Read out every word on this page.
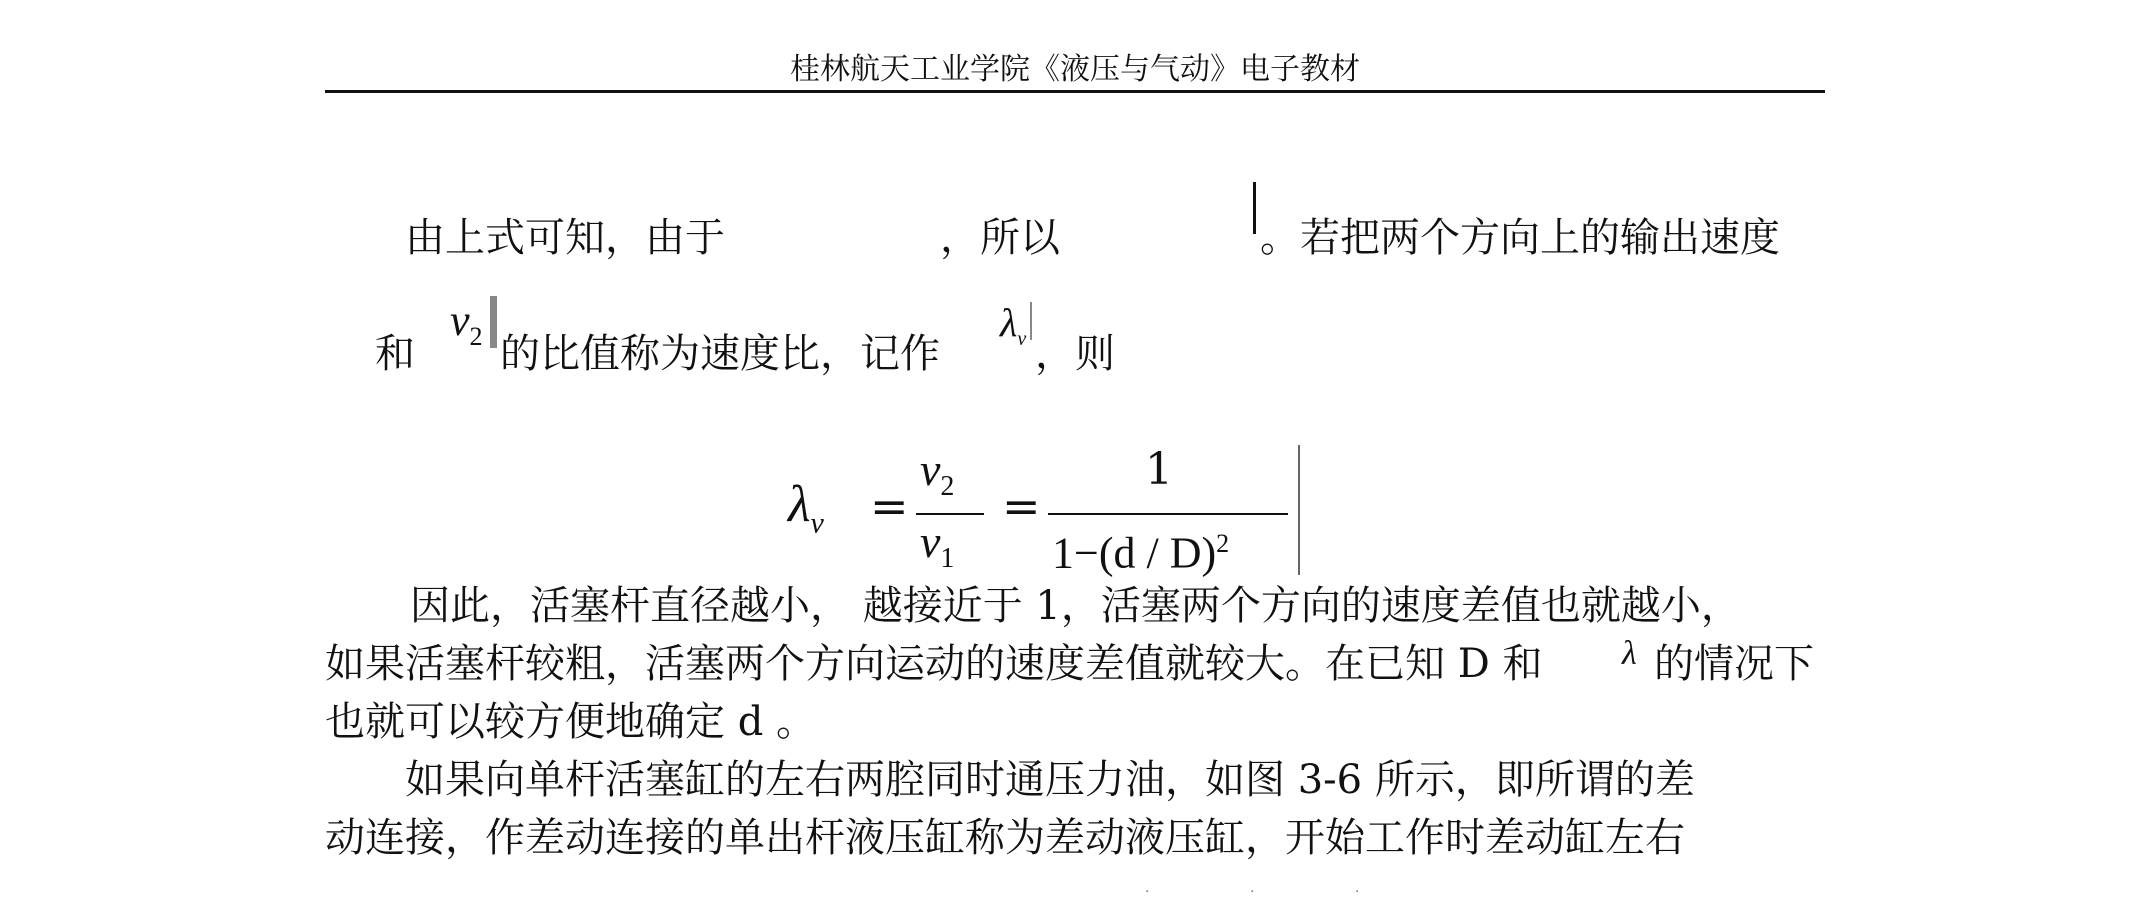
桂林航天工业学院《液压与气动》电子教材
由上式可知，由于	，所以	。若把两个方向上的输出速度
和
$v_2$ 的比值称为速度比，记作
$\lambda_v$ ，则
$\lambda_v$ =
$v_2$
$v_1$
=
1
1−(d / D)$^2$
因此，活塞杆直径越小， 越接近于 1，活塞两个方向的速度差值也就越小，
如果活塞杆较粗，活塞两个方向运动的速度差值就较大。在已知 D 和 λ 的情况下
也就可以较方便地确定 d 。
如果向单杆活塞缸的左右两腔同时通压力油，如图 3-6 所示，即所谓的差
动连接，作差动连接的单出杆液压缸称为差动液压缸，开始工作时差动缸左右
·	·	·
